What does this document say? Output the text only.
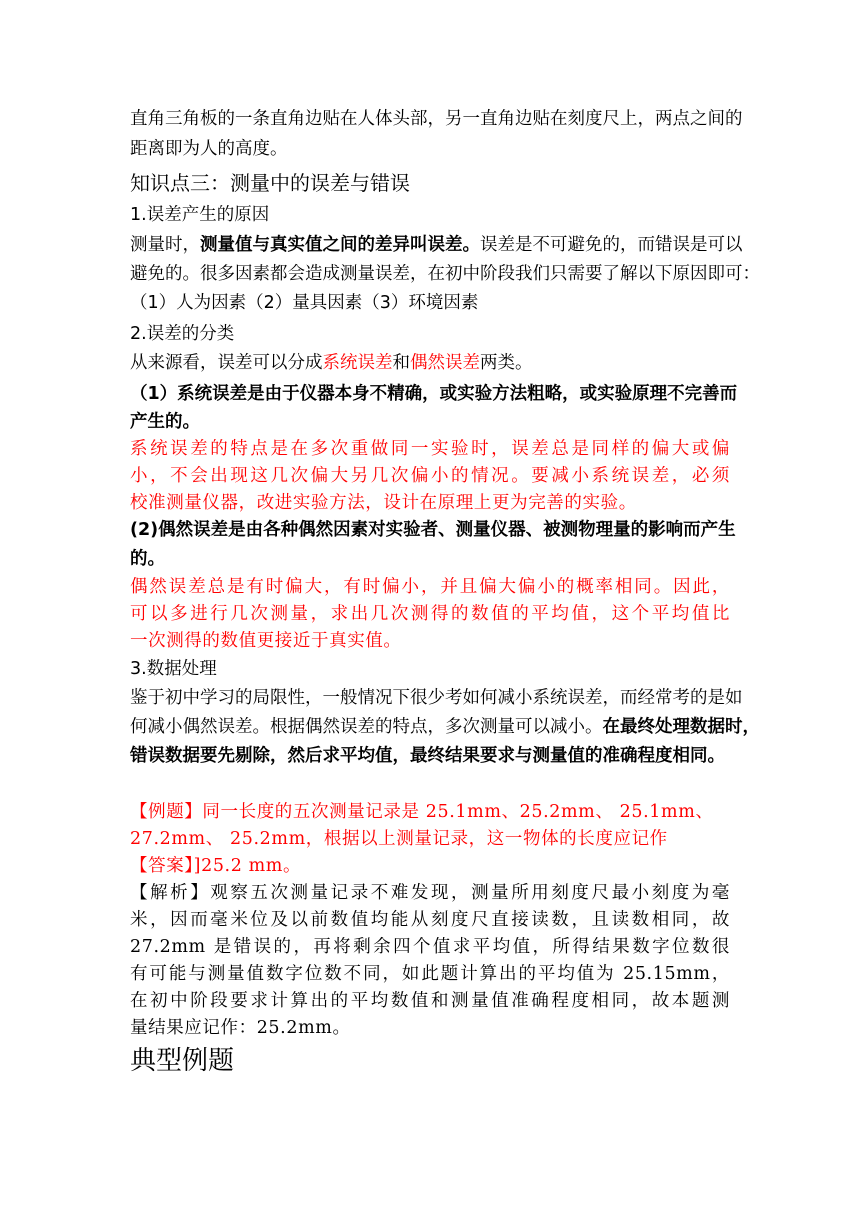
直角三角板的一条直角边贴在人体头部，另一直角边贴在刻度尺上，两点之间的
距离即为人的高度。
知识点三：测量中的误差与错误
1.误差产生的原因
测量时，测量值与真实值之间的差异叫误差。误差是不可避免的，而错误是可以
避免的。很多因素都会造成测量误差，在初中阶段我们只需要了解以下原因即可：
（1）人为因素（2）量具因素（3）环境因素
2.误差的分类
从来源看，误差可以分成系统误差和偶然误差两类。
（1）系统误差是由于仪器本身不精确，或实验方法粗略，或实验原理不完善而
产生的。
系统误差的特点是在多次重做同一实验时，误差总是同样的偏大或偏
小，不会出现这几次偏大另几次偏小的情况。要减小系统误差，必须
校准测量仪器，改进实验方法，设计在原理上更为完善的实验。
(2)偶然误差是由各种偶然因素对实验者、测量仪器、被测物理量的影响而产生
的。
偶然误差总是有时偏大，有时偏小，并且偏大偏小的概率相同。因此，
可以多进行几次测量，求出几次测得的数值的平均值，这个平均值比
一次测得的数值更接近于真实值。
3.数据处理
鉴于初中学习的局限性，一般情况下很少考如何减小系统误差，而经常考的是如
何减小偶然误差。根据偶然误差的特点，多次测量可以减小。在最终处理数据时，
错误数据要先剔除，然后求平均值，最终结果要求与测量值的准确程度相同。
【例题】同一长度的五次测量记录是 25.1mm、25.2mm、 25.1mm、
27.2mm、 25.2mm，根据以上测量记录，这一物体的长度应记作
【答案】]25.2 mm。
【解析】观察五次测量记录不难发现，测量所用刻度尺最小刻度为毫
米，因而毫米位及以前数值均能从刻度尺直接读数，且读数相同，故
27.2mm 是错误的，再将剩余四个值求平均值，所得结果数字位数很
有可能与测量值数字位数不同，如此题计算出的平均值为 25.15mm，
在初中阶段要求计算出的平均数值和测量值准确程度相同，故本题测
量结果应记作：25.2mm。
典型例题
